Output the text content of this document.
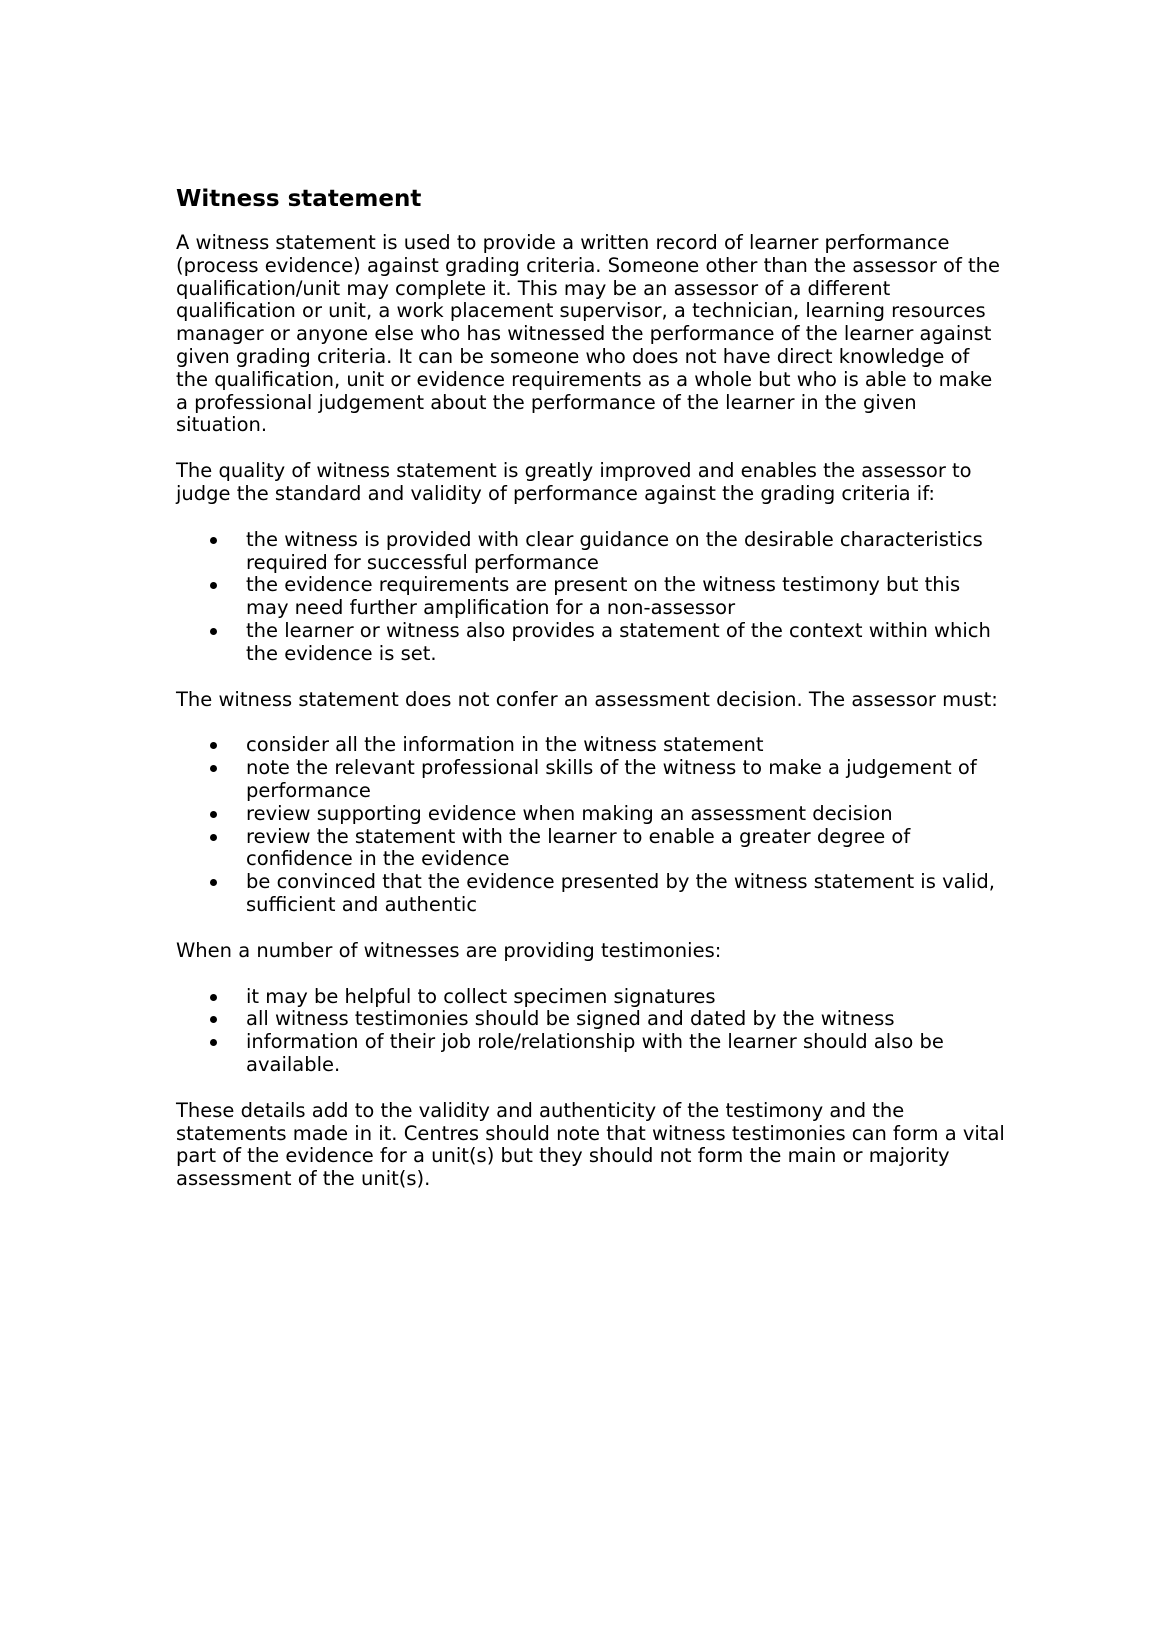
Witness statement

A witness statement is used to provide a written record of learner performance (process evidence) against grading criteria. Someone other than the assessor of the qualification/unit may complete it. This may be an assessor of a different qualification or unit, a work placement supervisor, a technician, learning resources manager or anyone else who has witnessed the performance of the learner against given grading criteria. It can be someone who does not have direct knowledge of the qualification, unit or evidence requirements as a whole but who is able to make a professional judgement about the performance of the learner in the given situation.

The quality of witness statement is greatly improved and enables the assessor to judge the standard and validity of performance against the grading criteria if:

the witness is provided with clear guidance on the desirable characteristics required for successful performance
the evidence requirements are present on the witness testimony but this may need further amplification for a non-assessor
the learner or witness also provides a statement of the context within which the evidence is set.

The witness statement does not confer an assessment decision. The assessor must:

consider all the information in the witness statement
note the relevant professional skills of the witness to make a judgement of performance
review supporting evidence when making an assessment decision
review the statement with the learner to enable a greater degree of confidence in the evidence
be convinced that the evidence presented by the witness statement is valid, sufficient and authentic

When a number of witnesses are providing testimonies:

it may be helpful to collect specimen signatures
all witness testimonies should be signed and dated by the witness
information of their job role/relationship with the learner should also be available.

These details add to the validity and authenticity of the testimony and the statements made in it. Centres should note that witness testimonies can form a vital part of the evidence for a unit(s) but they should not form the main or majority assessment of the unit(s).
